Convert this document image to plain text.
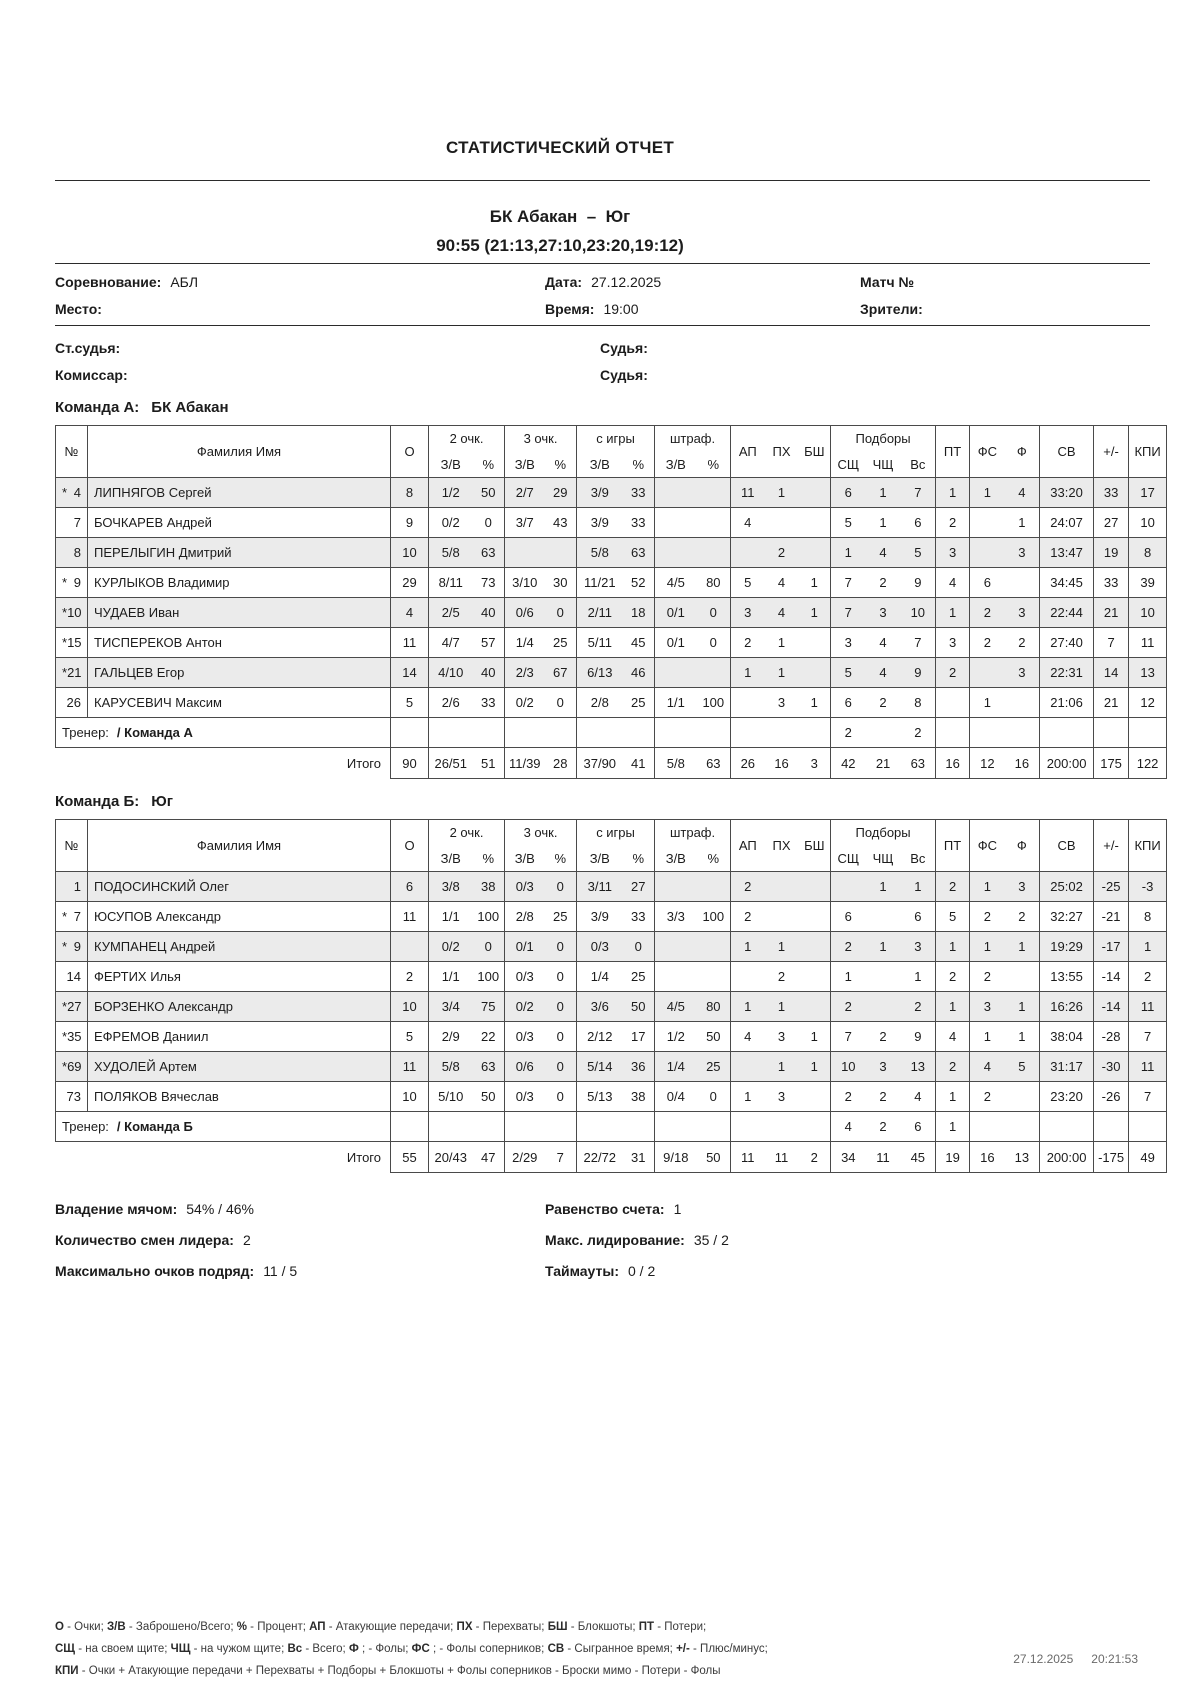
СТАТИСТИЧЕСКИЙ ОТЧЕТ
БК Абакан  –  Юг
90:55 (21:13,27:10,23:20,19:12)
Соревнование: АБЛ	Дата: 27.12.2025	Матч №
Место:	Время: 19:00	Зрители:
Ст.судья:	Судья:
Комиссар:	Судья:
Команда А: БК Абакан
№	Фамилия Имя	О	2 очк.		3 очк.		с игры		штраф.		АП	ПХ	БШ	Подборы			ПТ	ФС	Ф	СВ	+/-	КПИ
			З/В	%	З/В	%	З/В	%	З/В	%				СЩ	ЧЩ	Вс						

* 4	ЛИПНЯГОВ Сергей	8	1/2	50	2/7	29	3/9	33			11	1		6	1	7	1	1	4	33:20	33	17

7	БОЧКАРЕВ Андрей	9	0/2	0	3/7	43	3/9	33			4			5	1	6	2		1	24:07	27	10

8	ПЕРЕЛЫГИН Дмитрий	10	5/8	63			5/8	63				2		1	4	5	3		3	13:47	19	8

* 9	КУРЛЫКОВ Владимир	29	8/11	73	3/10	30	11/21	52	4/5	80	5	4	1	7	2	9	4	6		34:45	33	39

* 10	ЧУДАЕВ Иван	4	2/5	40	0/6	0	2/11	18	0/1	0	3	4	1	7	3	10	1	2	3	22:44	21	10

* 15	ТИСПЕРЕКОВ Антон	11	4/7	57	1/4	25	5/11	45	0/1	0	2	1		3	4	7	3	2	2	27:40	7	11

* 21	ГАЛЬЦЕВ Егор	14	4/10	40	2/3	67	6/13	46			1	1		5	4	9	2		3	22:31	14	13

26	КАРУСЕВИЧ Максим	5	2/6	33	0/2	0	2/8	25	1/1	100		3	1	6	2	8		1		21:06	21	12
Тренер: / Команда А														2		2						
Итого		90	26/51	51	11/39	28	37/90	41	5/8	63	26	16	3	42	21	63	16	12	16	200:00	175	122
Команда Б: Юг
№	Фамилия Имя	О	2 очк.		3 очк.		с игры		штраф.		АП	ПХ	БШ	Подборы			ПТ	ФС	Ф	СВ	+/-	КПИ
			З/В	%	З/В	%	З/В	%	З/В	%				СЩ	ЧЩ	Вс						

1	ПОДОСИНСКИЙ Олег	6	3/8	38	0/3	0	3/11	27			2				1	1	2	1	3	25:02	-25	-3

* 7	ЮСУПОВ Александр	11	1/1	100	2/8	25	3/9	33	3/3	100	2			6		6	5	2	2	32:27	-21	8

* 9	КУМПАНЕЦ Андрей		0/2	0	0/1	0	0/3	0			1	1		2	1	3	1	1	1	19:29	-17	1

14	ФЕРТИХ Илья	2	1/1	100	0/3	0	1/4	25				2		1		1	2	2		13:55	-14	2

* 27	БОРЗЕНКО Александр	10	3/4	75	0/2	0	3/6	50	4/5	80	1	1		2		2	1	3	1	16:26	-14	11

* 35	ЕФРЕМОВ Даниил	5	2/9	22	0/3	0	2/12	17	1/2	50	4	3	1	7	2	9	4	1	1	38:04	-28	7

* 69	ХУДОЛЕЙ Артем	11	5/8	63	0/6	0	5/14	36	1/4	25		1	1	10	3	13	2	4	5	31:17	-30	11

73	ПОЛЯКОВ Вячеслав	10	5/10	50	0/3	0	5/13	38	0/4	0	1	3		2	2	4	1	2		23:20	-26	7
Тренер: / Команда Б														4	2	6	1					
Итого		55	20/43	47	2/29	7	22/72	31	9/18	50	11	11	2	34	11	45	19	16	13	200:00	-175	49
Владение мячом: 54% / 46%	Равенство счета: 1
Количество смен лидера: 2	Макс. лидирование: 35 / 2
Максимально очков подряд: 11 / 5	Таймауты: 0 / 2
О - Очки; З/В - Заброшено/Всего; % - Процент; АП - Атакующие передачи; ПХ - Перехваты; БШ - Блокшоты; ПТ - Потери;
СЩ - на своем щите; ЧЩ - на чужом щите; Вс - Всего; Ф ; - Фолы; ФС ; - Фолы соперников; СВ - Сыгранное время; +/- - Плюс/минус;
КПИ - Очки + Атакующие передачи + Перехваты + Подборы + Блокшоты + Фолы соперников - Броски мимо - Потери - Фолы
27.12.2025 20:21:53
